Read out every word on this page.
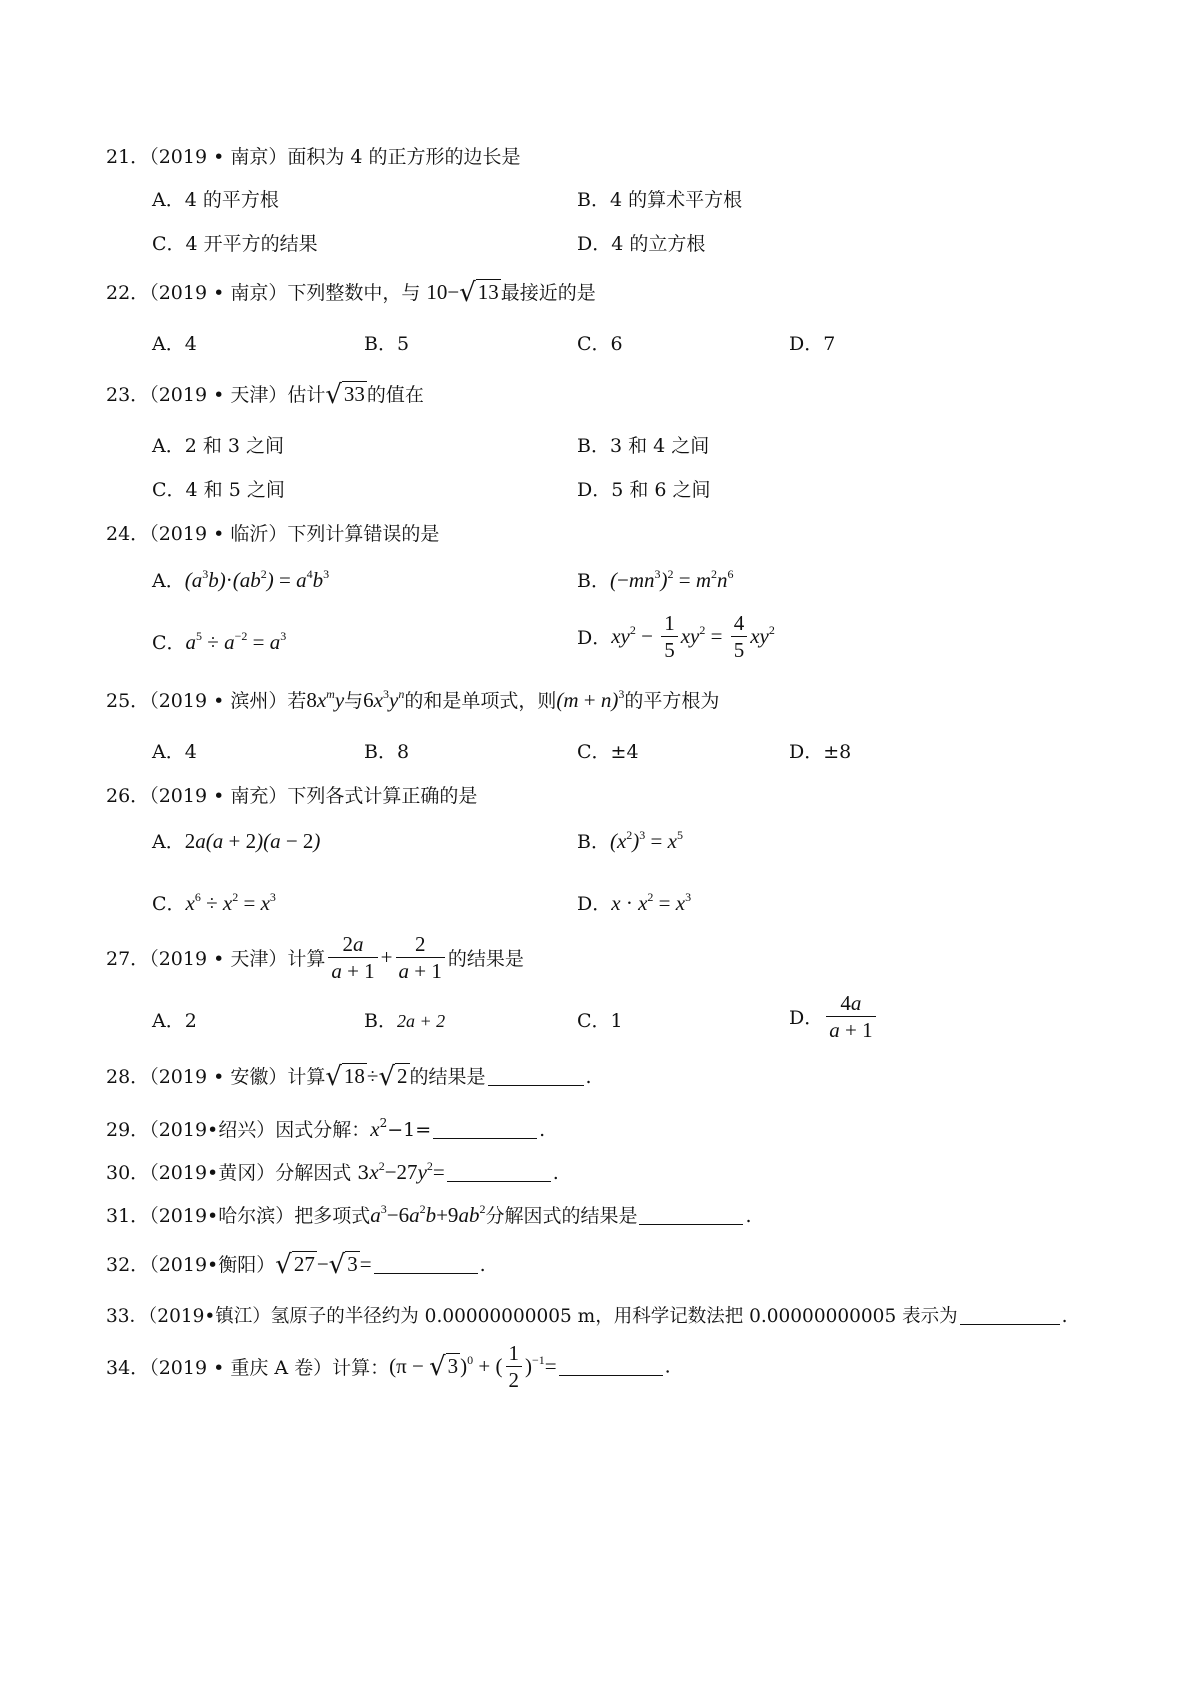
21．（2019 • 南京）面积为 4 的正方形的边长是
A．4 的平方根	B．4 的算术平方根
C．4 开平方的结果	D．4 的立方根
22．（2019 • 南京）下列整数中，与 10−√13 最接近的是
A．4	B．5	C．6	D．7
23．（2019 • 天津）估计√33 的值在
A．2 和 3 之间	B．3 和 4 之间
C．4 和 5 之间	D．5 和 6 之间
24．（2019 • 临沂）下列计算错误的是
A．$(a^3b)\cdot(ab^2) = a^4b^3$	B．$(-mn^3)^2 = m^2n^6$
C．$a^5 \div a^{-2} = a^3$	D．$xy^2 - \frac{1}{5} xy^2 = \frac{4}{5} xy^2$
25．（2019 • 滨州）若$8x^my$与$6x^3y^n$的和是单项式，则$(m + n)^3$的平方根为
A．4	B．8	C．±4	D．±8
26．（2019 • 南充）下列各式计算正确的是
A．2a(a + 2)(a − 2)	B．$(x^2)^3 = x^5$
C．$x^6 \div x^2 = x^3$	D．$x \cdot x^2 = x^3$
27．（2019 • 天津）计算 $\frac{2a}{a + 1} + \frac{2}{a + 1}$ 的结果是
A．2	B．2a + 2	C．1	D． $\frac{4a}{a + 1}$
28．（2019 • 安徽）计算√18÷√2 的结果是	.
29．（2019•绍兴）因式分解：$x^2-1=$	.
30．（2019•黄冈）分解因式 $3x^2-27y^2=$	.
31．（2019•哈尔滨）把多项式$a^3-6a^2b+9ab^2$分解因式的结果是	.
32．（2019•衡阳）√27−√3=	.
33．（2019•镇江）氢原子的半径约为 0.00000000005 m，用科学记数法把 0.00000000005 表示为	.
34．（2019 • 重庆 A 卷）计算：$(\pi - √3)^0$ + ( $\frac{1}{2} )^{-1}=$	.
